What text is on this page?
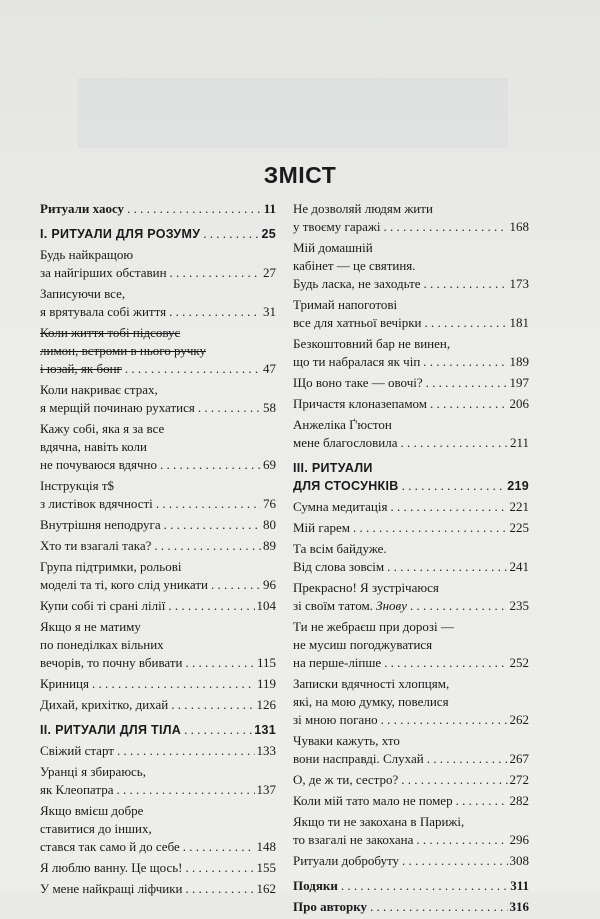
ЗМІСТ
Ритуали хаосу . . .	11
I. РИТУАЛИ ДЛЯ РОЗУМУ . . .	25
Будь найкращою
за найгірших обставин . . .	27
Записуючи все,
я врятувала собі життя . . .	31
Коли життя тобі підсовує
лимон, встроми в нього ручку
і юзай, як бонг . . .	47
Коли накриває страх,
я мерщій починаю рухатися . . .	58
Кажу собі, яка я за все
вдячна, навіть коли
не почуваюся вдячно . . .	69
Інструкція т$
з листівок вдячності . . .	76
Внутрішня неподруга . . .	80
Хто ти взагалі така? . . .	89
Група підтримки, рольові
моделі та ті, кого слід уникати . . .	96
Купи собі ті срані лілії . . .	104
Якщо я не матиму
по понеділках вільних
вечорів, то почну вбивати . . .	115
Криниця . . .	119
Дихай, крихітко, дихай . . .	126
II. РИТУАЛИ ДЛЯ ТІЛА . . .	131
Свіжий старт . . .	133
Уранці я збираюсь,
як Клеопатра . . .	137
Якщо вмієш добре
ставитися до інших,
стався так само й до себе . . .	148
Я люблю ванну. Це щось! . . .	155
У мене найкращі ліфчики . . .	162
Не дозволяй людям жити
у твоєму гаражі . . .	168
Мій домашній
кабінет — це святиня.
Будь ласка, не заходьте . . .	173
Тримай напоготові
все для хатньої вечірки . . .	181
Безкоштовний бар не винен,
що ти набралася як чіп . . .	189
Що воно таке — овочі? . . .	197
Причастя клоназепамом . . .	206
Анжеліка Ґ'юстон
мене благословила . . .	211
III. РИТУАЛИ
ДЛЯ СТОСУНКІВ . . .	219
Сумна медитація . . .	221
Мій гарем . . .	225
Та всім байдуже.
Від слова зовсім . . .	241
Прекрасно! Я зустрічаюся
зі своїм татом. Знову . . .	235
Ти не жебраєш при дорозі —
не мусиш погоджуватися
на перше-ліпше . . .	252
Записки вдячності хлопцям,
які, на мою думку, повелися
зі мною погано . . .	262
Чуваки кажуть, хто
вони насправді. Слухай . . .	267
О, де ж ти, сестро? . . .	272
Коли мій тато мало не помер . . .	282
Якщо ти не закохана в Парижі,
то взагалі не закохана . . .	296
Ритуали добробуту . . .	308
Подяки . . .	311
Про авторку . . .	316
